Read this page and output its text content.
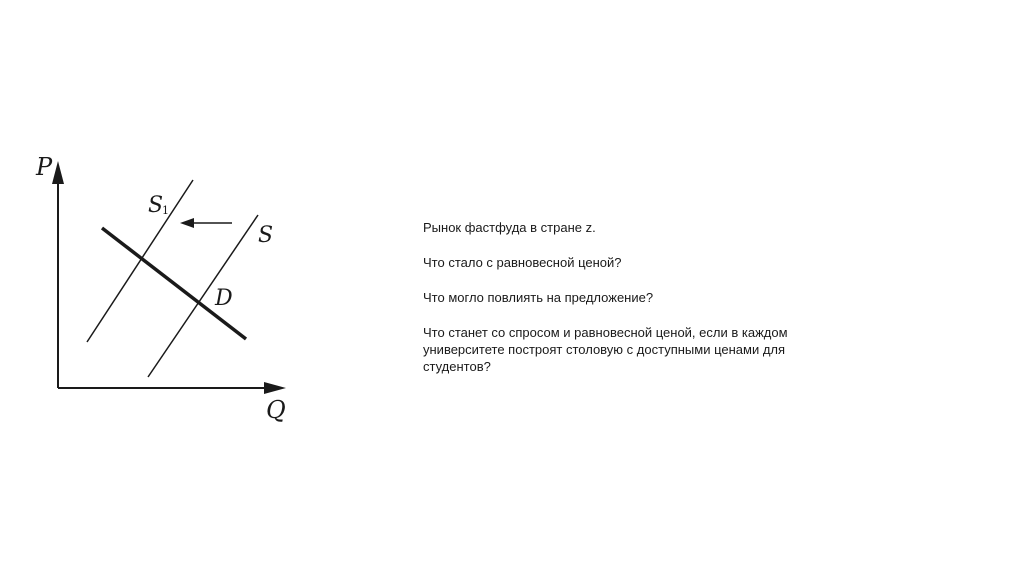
P
Q
S
1
S
D

Рынок фастфуда в стране z.

Что стало с равновесной ценой?

Что могло повлиять на предложение?

Что станет со спросом и равновесной ценой, если в каждом университете построят столовую с доступными ценами для студентов?
